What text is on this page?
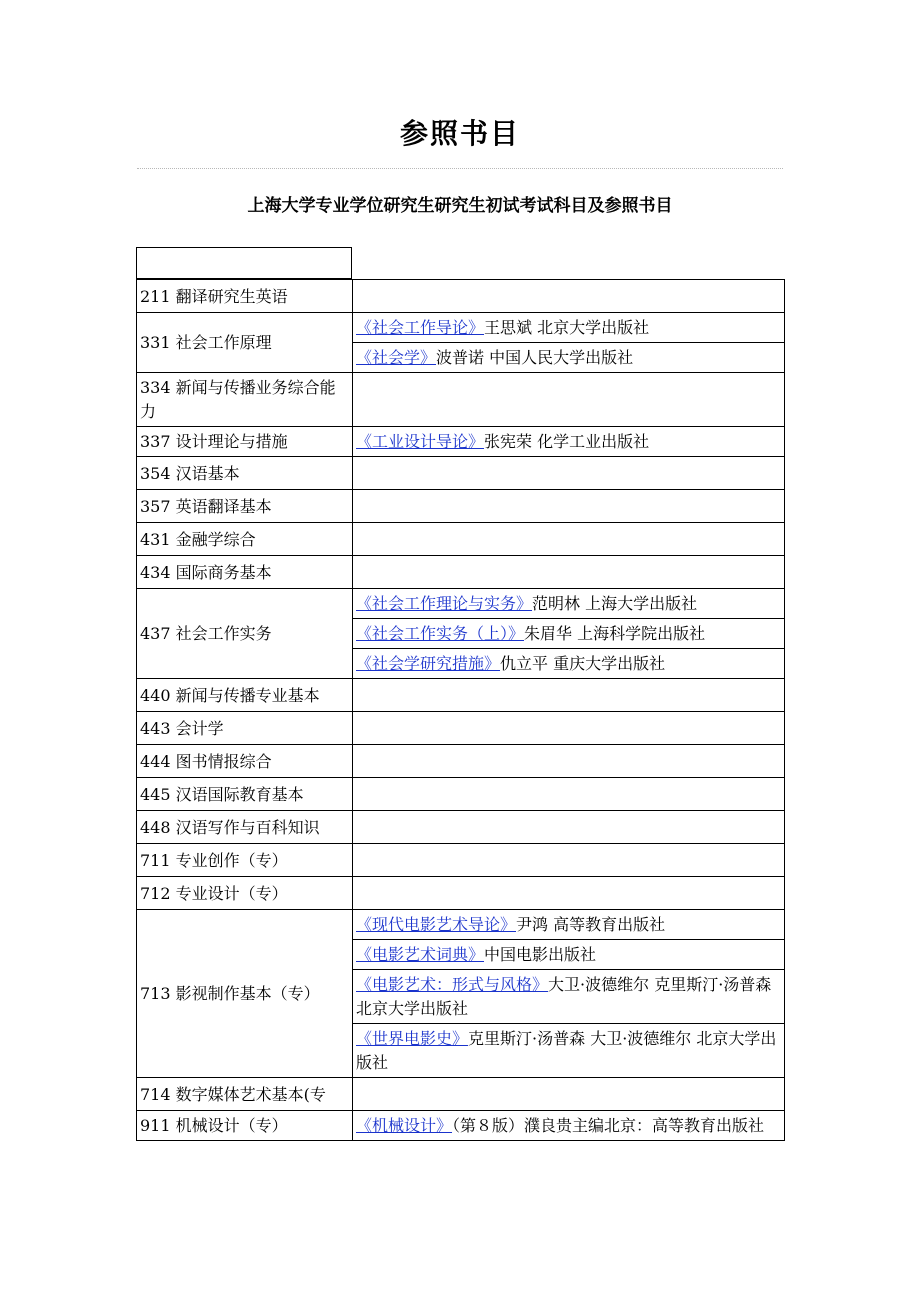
参照书目
上海大学专业学位研究生研究生初试考试科目及参照书目
211 翻译研究生英语	
331 社会工作原理	《社会工作导论》王思斌 北京大学出版社
	《社会学》波普诺 中国人民大学出版社
334 新闻与传播业务综合能力	
337 设计理论与措施	《工业设计导论》张宪荣 化学工业出版社
354 汉语基本	
357 英语翻译基本	
431 金融学综合	
434 国际商务基本	
437 社会工作实务	《社会工作理论与实务》范明林 上海大学出版社
	《社会工作实务（上）》朱眉华 上海科学院出版社
	《社会学研究措施》仇立平 重庆大学出版社
440 新闻与传播专业基本	
443 会计学	
444 图书情报综合	
445 汉语国际教育基本	
448 汉语写作与百科知识	
711 专业创作（专）	
712 专业设计（专）	
713 影视制作基本（专）	《现代电影艺术导论》尹鸿 高等教育出版社
	《电影艺术词典》中国电影出版社
	《电影艺术：形式与风格》大卫·波德维尔 克里斯汀·汤普森 北京大学出版社
	《世界电影史》克里斯汀·汤普森 大卫·波德维尔 北京大学出版社
714 数字媒体艺术基本(专	
911 机械设计（专）	《机械设计》（第８版）濮良贵主编北京：高等教育出版社
